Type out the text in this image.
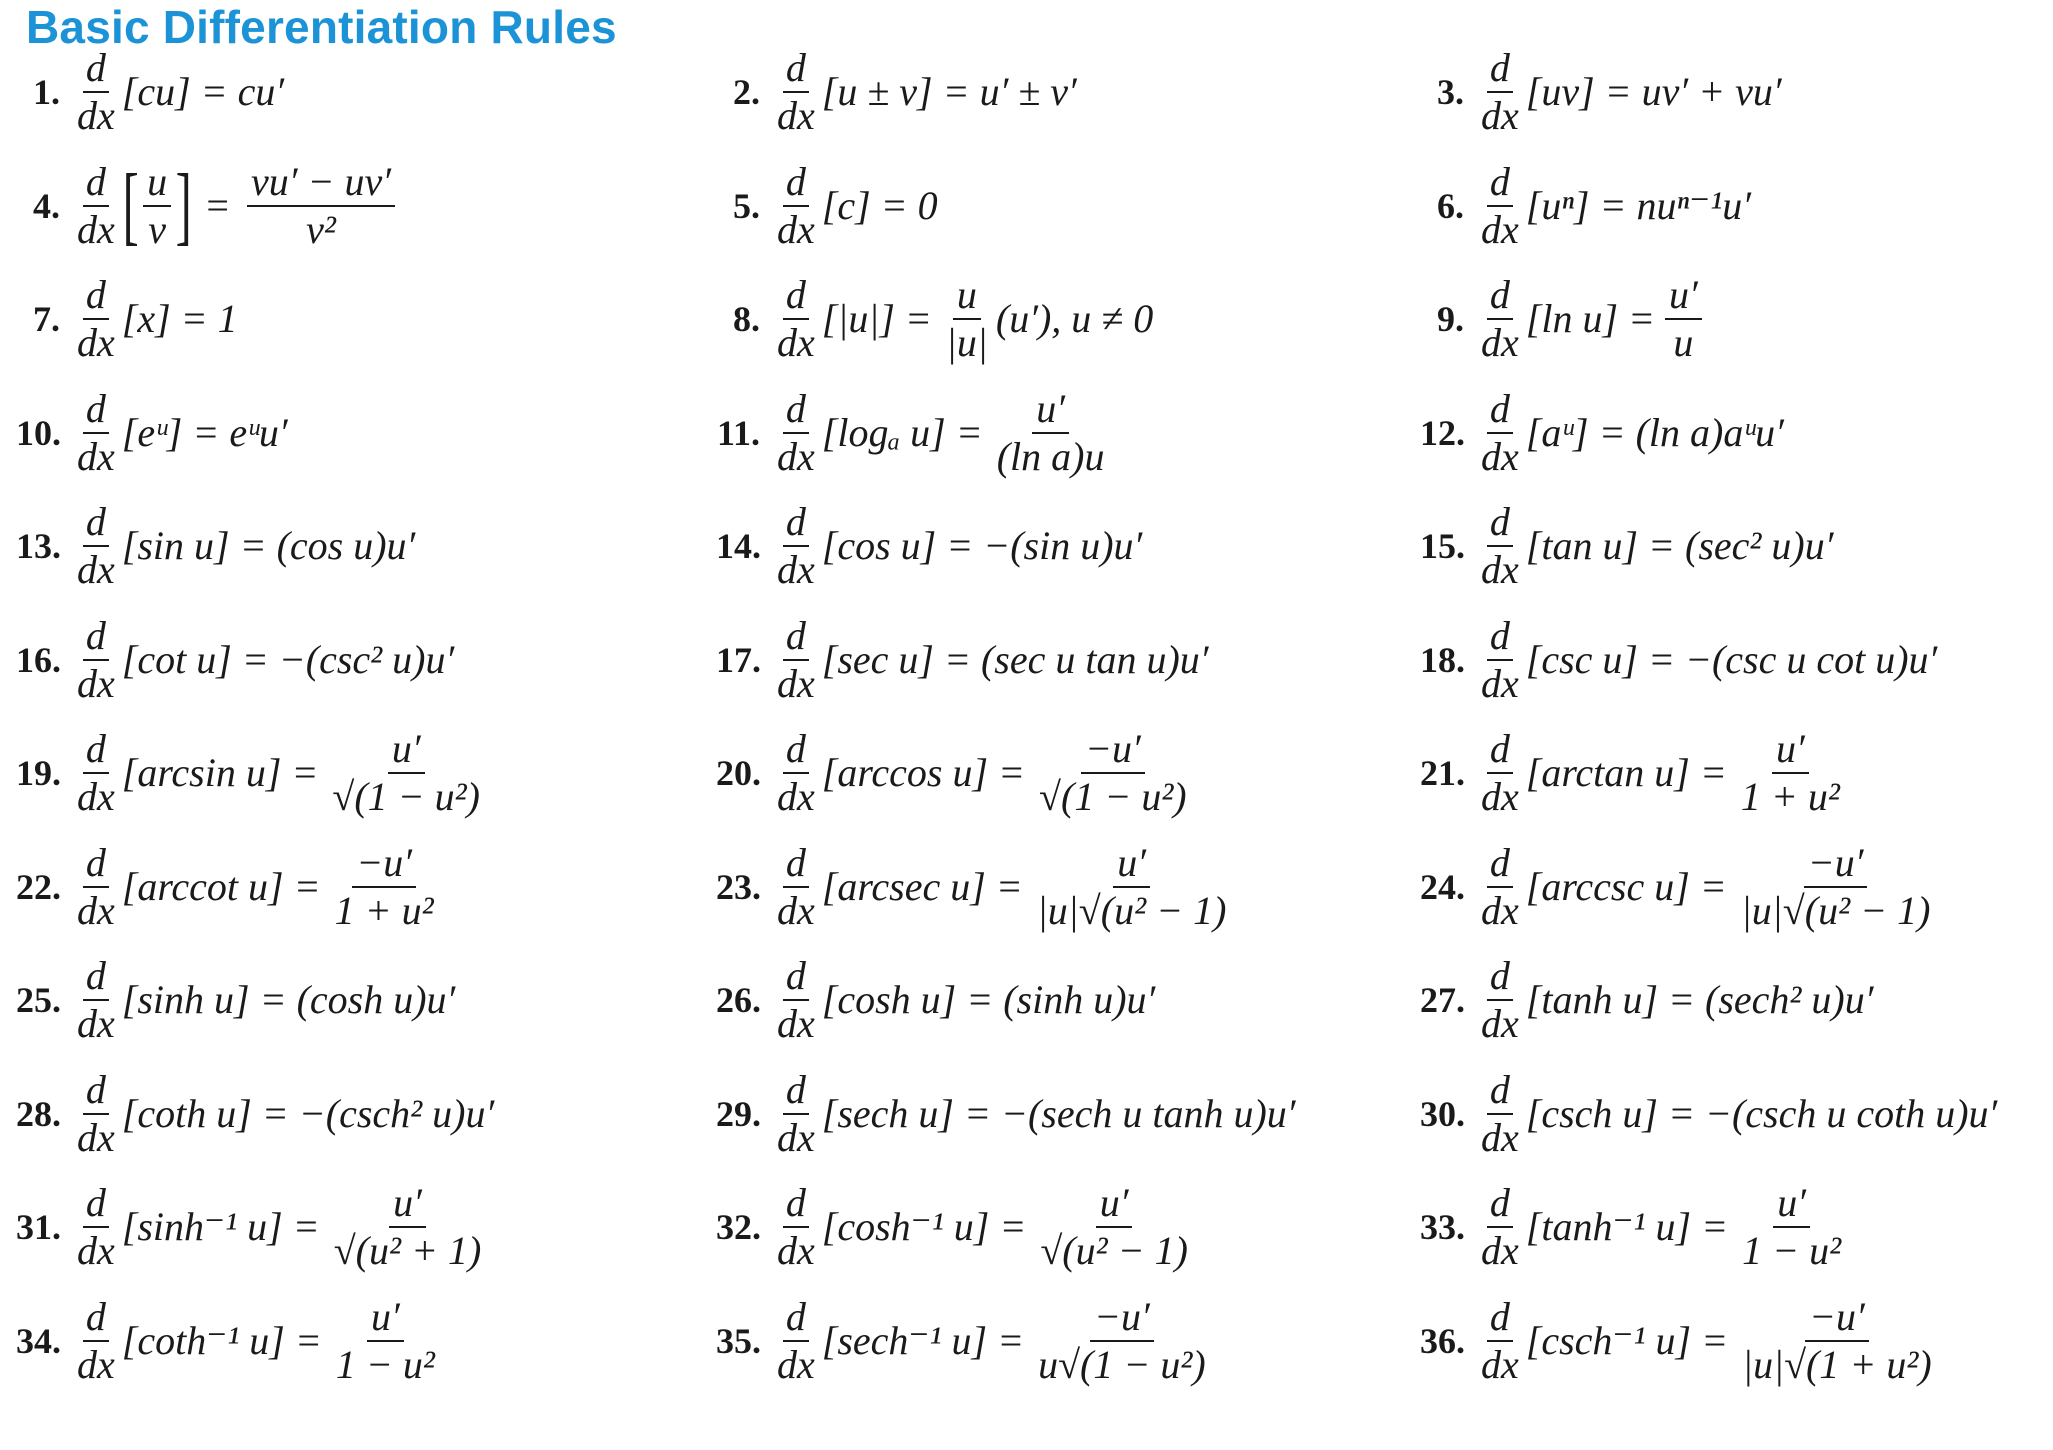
Basic Differentiation Rules
1. $\frac{d}{dx} [cu] = cu'$	2. $\frac{d}{dx} [u \pm v] = u' \pm v'$	3. $\frac{d}{dx} [uv] = uv' + vu'$
4. $\frac{d}{dx}$ [ $\frac{u}{v}$ ] = $\frac{vu' - uv'}{\text{v²}}$	5. $\frac{d}{dx} [c] = 0$	6. $\frac{d}{dx} [u^n] = nu^{n-1}u'$
7. $\frac{d}{dx} [x] = 1$	8. $\frac{d}{dx} [|u|] = \frac{u}{|u|} (u')$, u ≠ 0	9. $\frac{d}{dx} [\ln$ $u] = \frac{u'}{u}$
10. $\frac{d}{dx}$ [eᵘ] = eᵘu′	11. $\frac{d}{dx} [\log_a$ $u] = \frac{u'}{\text{(ln a)u}}$	12. $\frac{d}{dx}$ [aᵘ] = (ln a)aᵘu′
13. $\frac{d}{dx} [\sin$ u] = (cos u)u′	14. $\frac{d}{dx} [\cos$ u] = −(sin u)u′	15. $\frac{d}{dx} [\tan$ u] = (sec² u)u′
16. $\frac{d}{dx} [\cot$ u] = −(csc² u)u′	17. $\frac{d}{dx} [\sec$ u] = (sec u tan u)u′	18. $\frac{d}{dx} [\csc$ u] = −(csc u cot u)u′
19. $\frac{d}{dx} [\arcsin$ $u] = \frac{u'}{\text{√(1 − u²)}}$	20. $\frac{d}{dx} [\arccos$ $u] = \frac{-u'}{\text{√(1 − u²)}}$	21. $\frac{d}{dx} [\arctan$ $u] = \frac{u'}{\text{1 + u²}}$
22. $\frac{d}{dx} [arccot$ $u] = \frac{-u'}{\text{1 + u²}}$	23. $\frac{d}{dx} [arcsec$ $u] = \frac{u'}{\text{|u|√(u² − 1)}}$	24. $\frac{d}{dx} [arccsc$ $u] = \frac{-u'}{\text{|u|√(u² − 1)}}$
25. $\frac{d}{dx} [\sinh$ u] = (cosh u)u′	26. $\frac{d}{dx} [\cosh$ u] = (sinh u)u′	27. $\frac{d}{dx} [\tanh$ u] = (sech² u)u′
28. $\frac{d}{dx} [\cot h$ u] = −(csch² u)u′	29. $\frac{d}{dx} [\sec h$ u] = −(sech u tanh u)u′	30. $\frac{d}{dx} [\csc h$ u] = −(csch u coth u)u′
31. $\frac{d}{dx} [\sinh^{-1}$ $u] = \frac{u'}{\text{√(u² + 1)}}$	32. $\frac{d}{dx} [\cosh^{-1}$ $u] = \frac{u'}{\text{√(u² − 1)}}$	33. $\frac{d}{dx} [\tanh^{-1}$ $u] = \frac{u'}{\text{1 − u²}}$
34. $\frac{d}{dx} [\cot h^{-1}$ $u] = \frac{u'}{\text{1 − u²}}$	35. $\frac{d}{dx} [\sec h^{-1}$ $u] = \frac{-u'}{\text{u√(1 − u²)}}$	36. $\frac{d}{dx} [\csc h^{-1}$ $u] = \frac{-u'}{\text{|u|√(1 + u²)}}$
